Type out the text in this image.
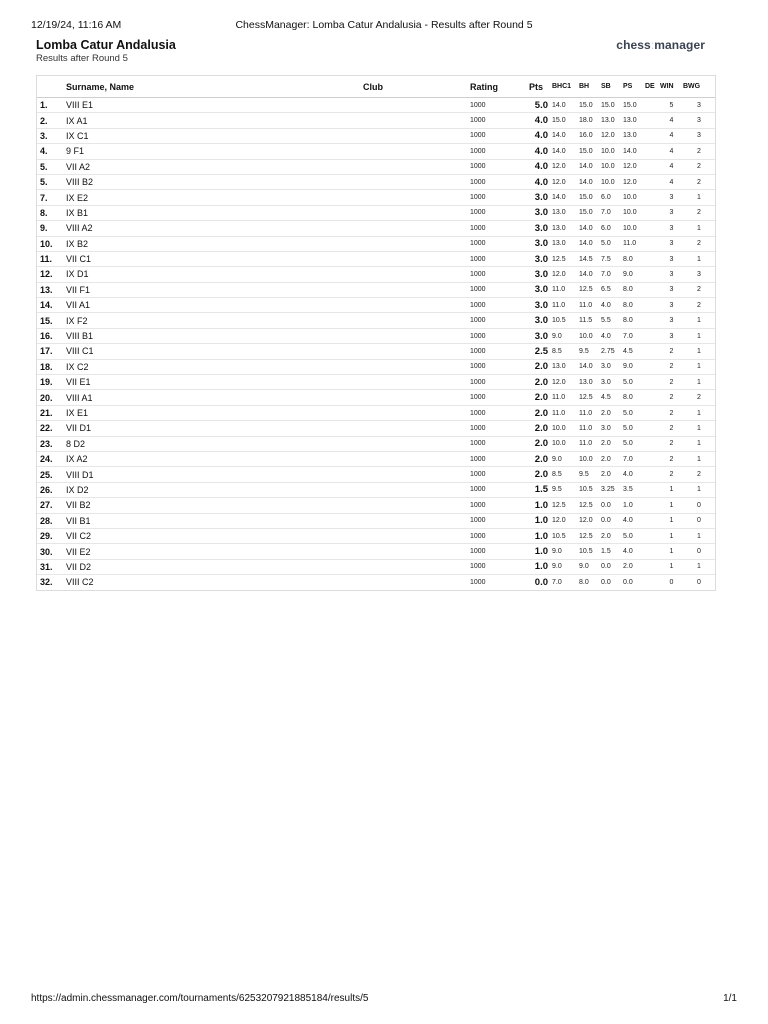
12/19/24, 11:16 AM	ChessManager: Lomba Catur Andalusia - Results after Round 5
Lomba Catur Andalusia
Results after Round 5
chess:manager
	Surname, Name	Club	Rating	Pts	BHC1	BH	SB	PS	DE	WIN	BWG
1.	VIII E1		1000	5.0	14.0	15.0	15.0	15.0		5	3
2.	IX A1		1000	4.0	15.0	18.0	13.0	13.0		4	3
3.	IX C1		1000	4.0	14.0	16.0	12.0	13.0		4	3
4.	9 F1		1000	4.0	14.0	15.0	10.0	14.0		4	2
5.	VII A2		1000	4.0	12.0	14.0	10.0	12.0		4	2
5.	VIII B2		1000	4.0	12.0	14.0	10.0	12.0		4	2
7.	IX E2		1000	3.0	14.0	15.0	6.0	10.0		3	1
8.	IX B1		1000	3.0	13.0	15.0	7.0	10.0		3	2
9.	VIII A2		1000	3.0	13.0	14.0	6.0	10.0		3	1
10.	IX B2		1000	3.0	13.0	14.0	5.0	11.0		3	2
11.	VII C1		1000	3.0	12.5	14.5	7.5	8.0		3	1
12.	IX D1		1000	3.0	12.0	14.0	7.0	9.0		3	3
13.	VII F1		1000	3.0	11.0	12.5	6.5	8.0		3	2
14.	VII A1		1000	3.0	11.0	11.0	4.0	8.0		3	2
15.	IX F2		1000	3.0	10.5	11.5	5.5	8.0		3	1
16.	VIII B1		1000	3.0	9.0	10.0	4.0	7.0		3	1
17.	VIII C1		1000	2.5	8.5	9.5	2.75	4.5		2	1
18.	IX C2		1000	2.0	13.0	14.0	3.0	9.0		2	1
19.	VII E1		1000	2.0	12.0	13.0	3.0	5.0		2	1
20.	VIII A1		1000	2.0	11.0	12.5	4.5	8.0		2	2
21.	IX E1		1000	2.0	11.0	11.0	2.0	5.0		2	1
22.	VII D1		1000	2.0	10.0	11.0	3.0	5.0		2	1
23.	8 D2		1000	2.0	10.0	11.0	2.0	5.0		2	1
24.	IX A2		1000	2.0	9.0	10.0	2.0	7.0		2	1
25.	VIII D1		1000	2.0	8.5	9.5	2.0	4.0		2	2
26.	IX D2		1000	1.5	9.5	10.5	3.25	3.5		1	1
27.	VII B2		1000	1.0	12.5	12.5	0.0	1.0		1	0
28.	VII B1		1000	1.0	12.0	12.0	0.0	4.0		1	0
29.	VII C2		1000	1.0	10.5	12.5	2.0	5.0		1	1
30.	VII E2		1000	1.0	9.0	10.5	1.5	4.0		1	0
31.	VII D2		1000	1.0	9.0	9.0	0.0	2.0		1	1
32.	VIII C2		1000	0.0	7.0	8.0	0.0	0.0		0	0
https://admin.chessmanager.com/tournaments/6253207921885184/results/5	1/1
